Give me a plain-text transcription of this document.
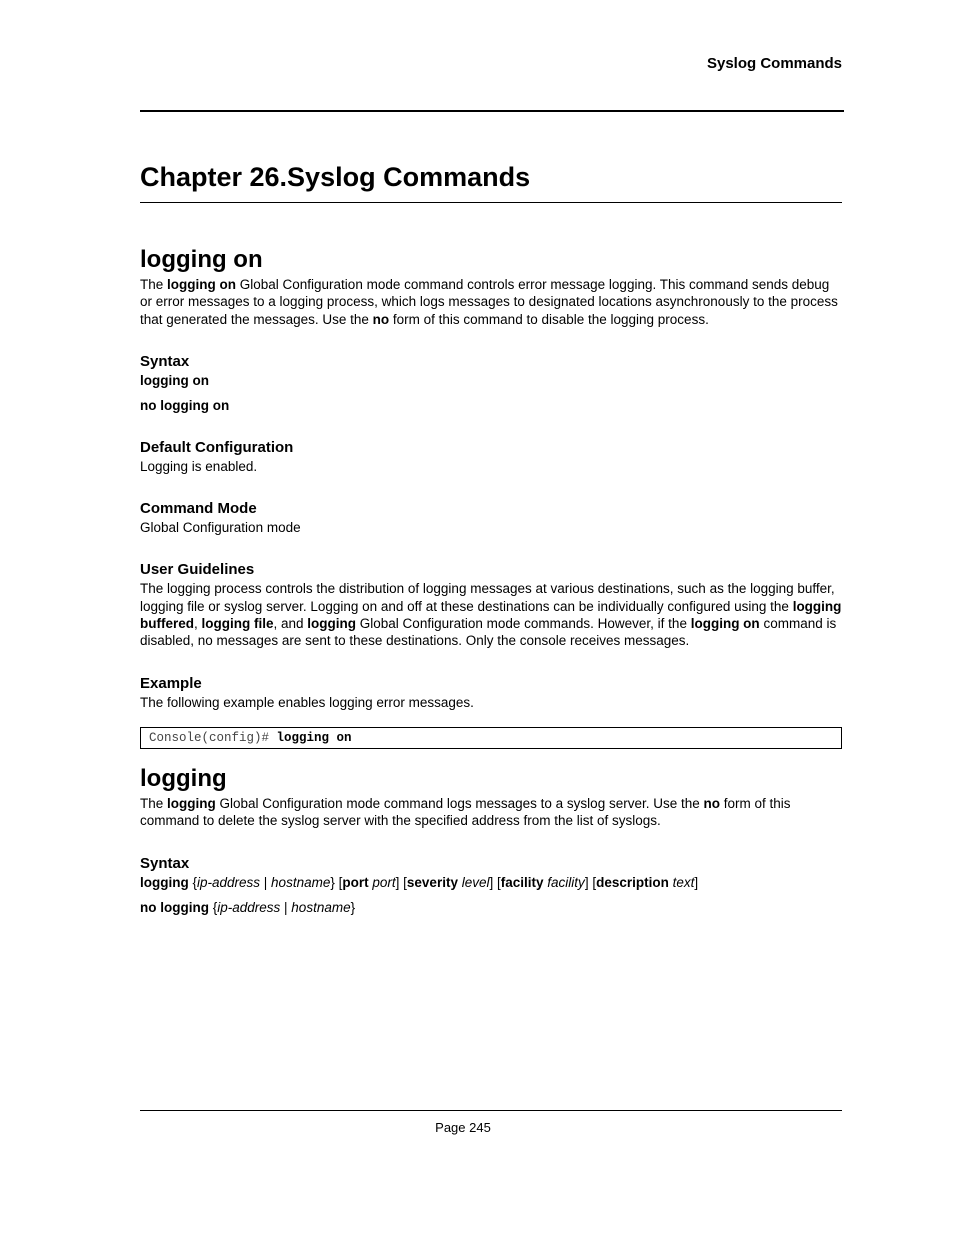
Syslog Commands
Chapter 26.Syslog Commands
logging on

The logging on Global Configuration mode command controls error message logging. This command sends debug or error messages to a logging process, which logs messages to designated locations asynchronously to the process that generated the messages. Use the no form of this command to disable the logging process.

Syntax

logging on

no logging on

Default Configuration

Logging is enabled.

Command Mode

Global Configuration mode

User Guidelines

The logging process controls the distribution of logging messages at various destinations, such as the logging buffer, logging file or syslog server. Logging on and off at these destinations can be individually configured using the logging buffered, logging file, and logging Global Configuration mode commands. However, if the logging on command is disabled, no messages are sent to these destinations. Only the console receives messages.

Example

The following example enables logging error messages.

Console(config)# logging on
logging

The logging Global Configuration mode command logs messages to a syslog server. Use the no form of this command to delete the syslog server with the specified address from the list of syslogs.

Syntax

logging {ip-address | hostname} [port port] [severity level] [facility facility] [description text]

no logging {ip-address | hostname}

Page 245
